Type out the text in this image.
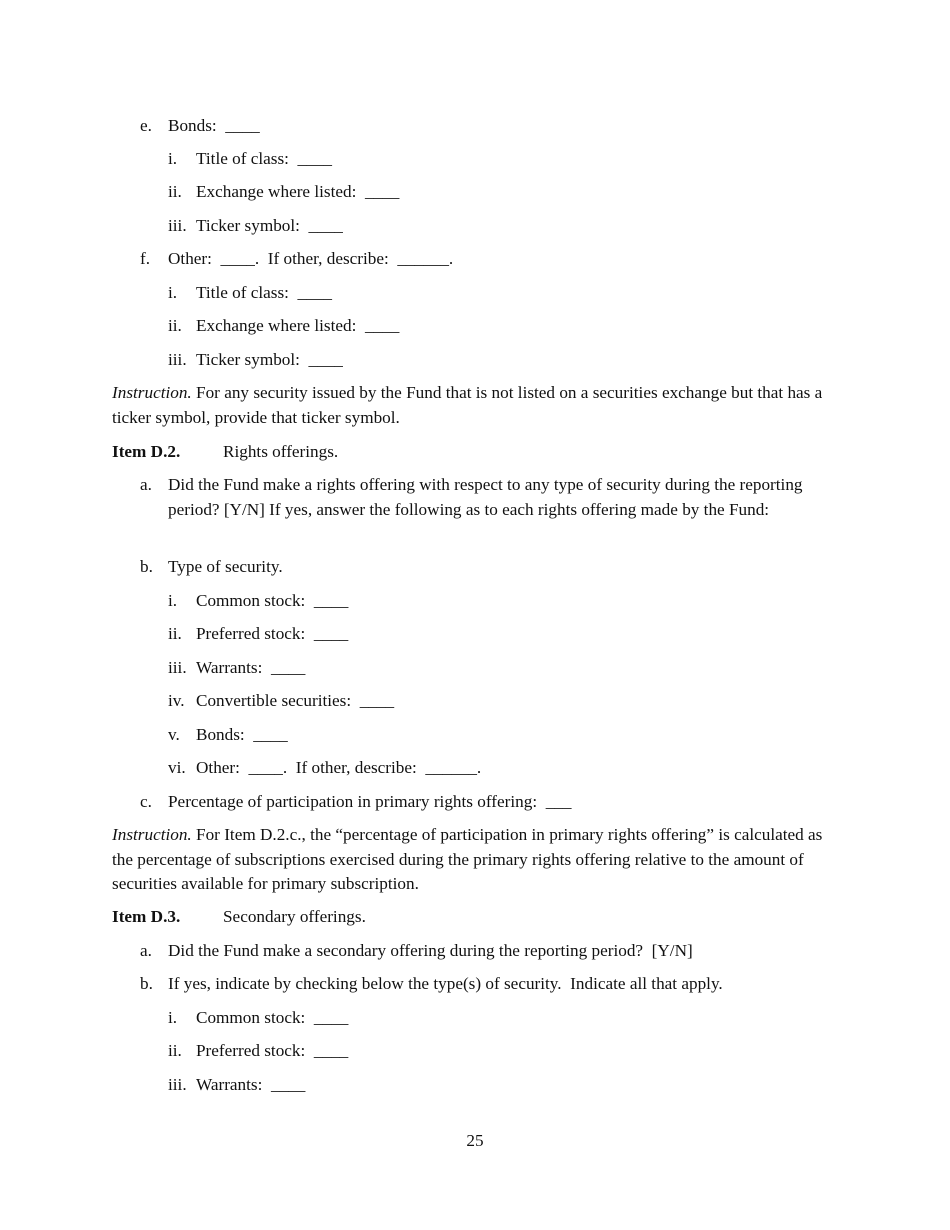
e. Bonds:  ____
i. Title of class:  ____
ii. Exchange where listed:  ____
iii. Ticker symbol:  ____
f. Other:  ____.  If other, describe:  ______.
i. Title of class:  ____
ii. Exchange where listed:  ____
iii. Ticker symbol:  ____
Instruction. For any security issued by the Fund that is not listed on a securities exchange but that has a ticker symbol, provide that ticker symbol.
Item D.2. Rights offerings.
a. Did the Fund make a rights offering with respect to any type of security during the reporting period? [Y/N] If yes, answer the following as to each rights offering made by the Fund:
b. Type of security.
i. Common stock:  ____
ii. Preferred stock:  ____
iii. Warrants:  ____
iv. Convertible securities:  ____
v. Bonds:  ____
vi. Other:  ____.  If other, describe:  ______.
c. Percentage of participation in primary rights offering:  ___
Instruction. For Item D.2.c., the “percentage of participation in primary rights offering” is calculated as the percentage of subscriptions exercised during the primary rights offering relative to the amount of securities available for primary subscription.
Item D.3. Secondary offerings.
a. Did the Fund make a secondary offering during the reporting period?  [Y/N]
b. If yes, indicate by checking below the type(s) of security.  Indicate all that apply.
i. Common stock:  ____
ii. Preferred stock:  ____
iii. Warrants:  ____
25
